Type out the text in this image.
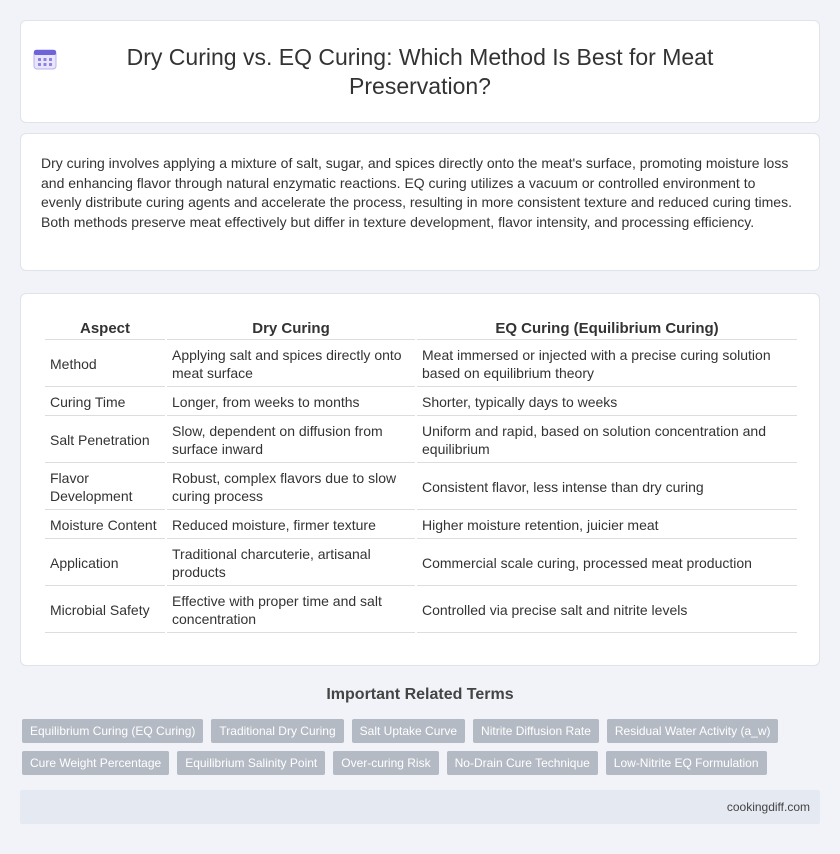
Dry Curing vs. EQ Curing: Which Method Is Best for Meat Preservation?

Dry curing involves applying a mixture of salt, sugar, and spices directly onto the meat's surface, promoting moisture loss and enhancing flavor through natural enzymatic reactions. EQ curing utilizes a vacuum or controlled environment to evenly distribute curing agents and accelerate the process, resulting in more consistent texture and reduced curing times. Both methods preserve meat effectively but differ in texture development, flavor intensity, and processing efficiency.

Aspect	Dry Curing	EQ Curing (Equilibrium Curing)
Method	Applying salt and spices directly onto meat surface	Meat immersed or injected with a precise curing solution based on equilibrium theory
Curing Time	Longer, from weeks to months	Shorter, typically days to weeks
Salt Penetration	Slow, dependent on diffusion from surface inward	Uniform and rapid, based on solution concentration and equilibrium
Flavor Development	Robust, complex flavors due to slow curing process	Consistent flavor, less intense than dry curing
Moisture Content	Reduced moisture, firmer texture	Higher moisture retention, juicier meat
Application	Traditional charcuterie, artisanal products	Commercial scale curing, processed meat production
Microbial Safety	Effective with proper time and salt concentration	Controlled via precise salt and nitrite levels
Important Related Terms
Equilibrium Curing (EQ Curing)	Traditional Dry Curing	Salt Uptake Curve	Nitrite Diffusion Rate	Residual Water Activity (a_w)
Cure Weight Percentage	Equilibrium Salinity Point	Over-curing Risk	No-Drain Cure Technique	Low-Nitrite EQ Formulation
cookingdiff.com
